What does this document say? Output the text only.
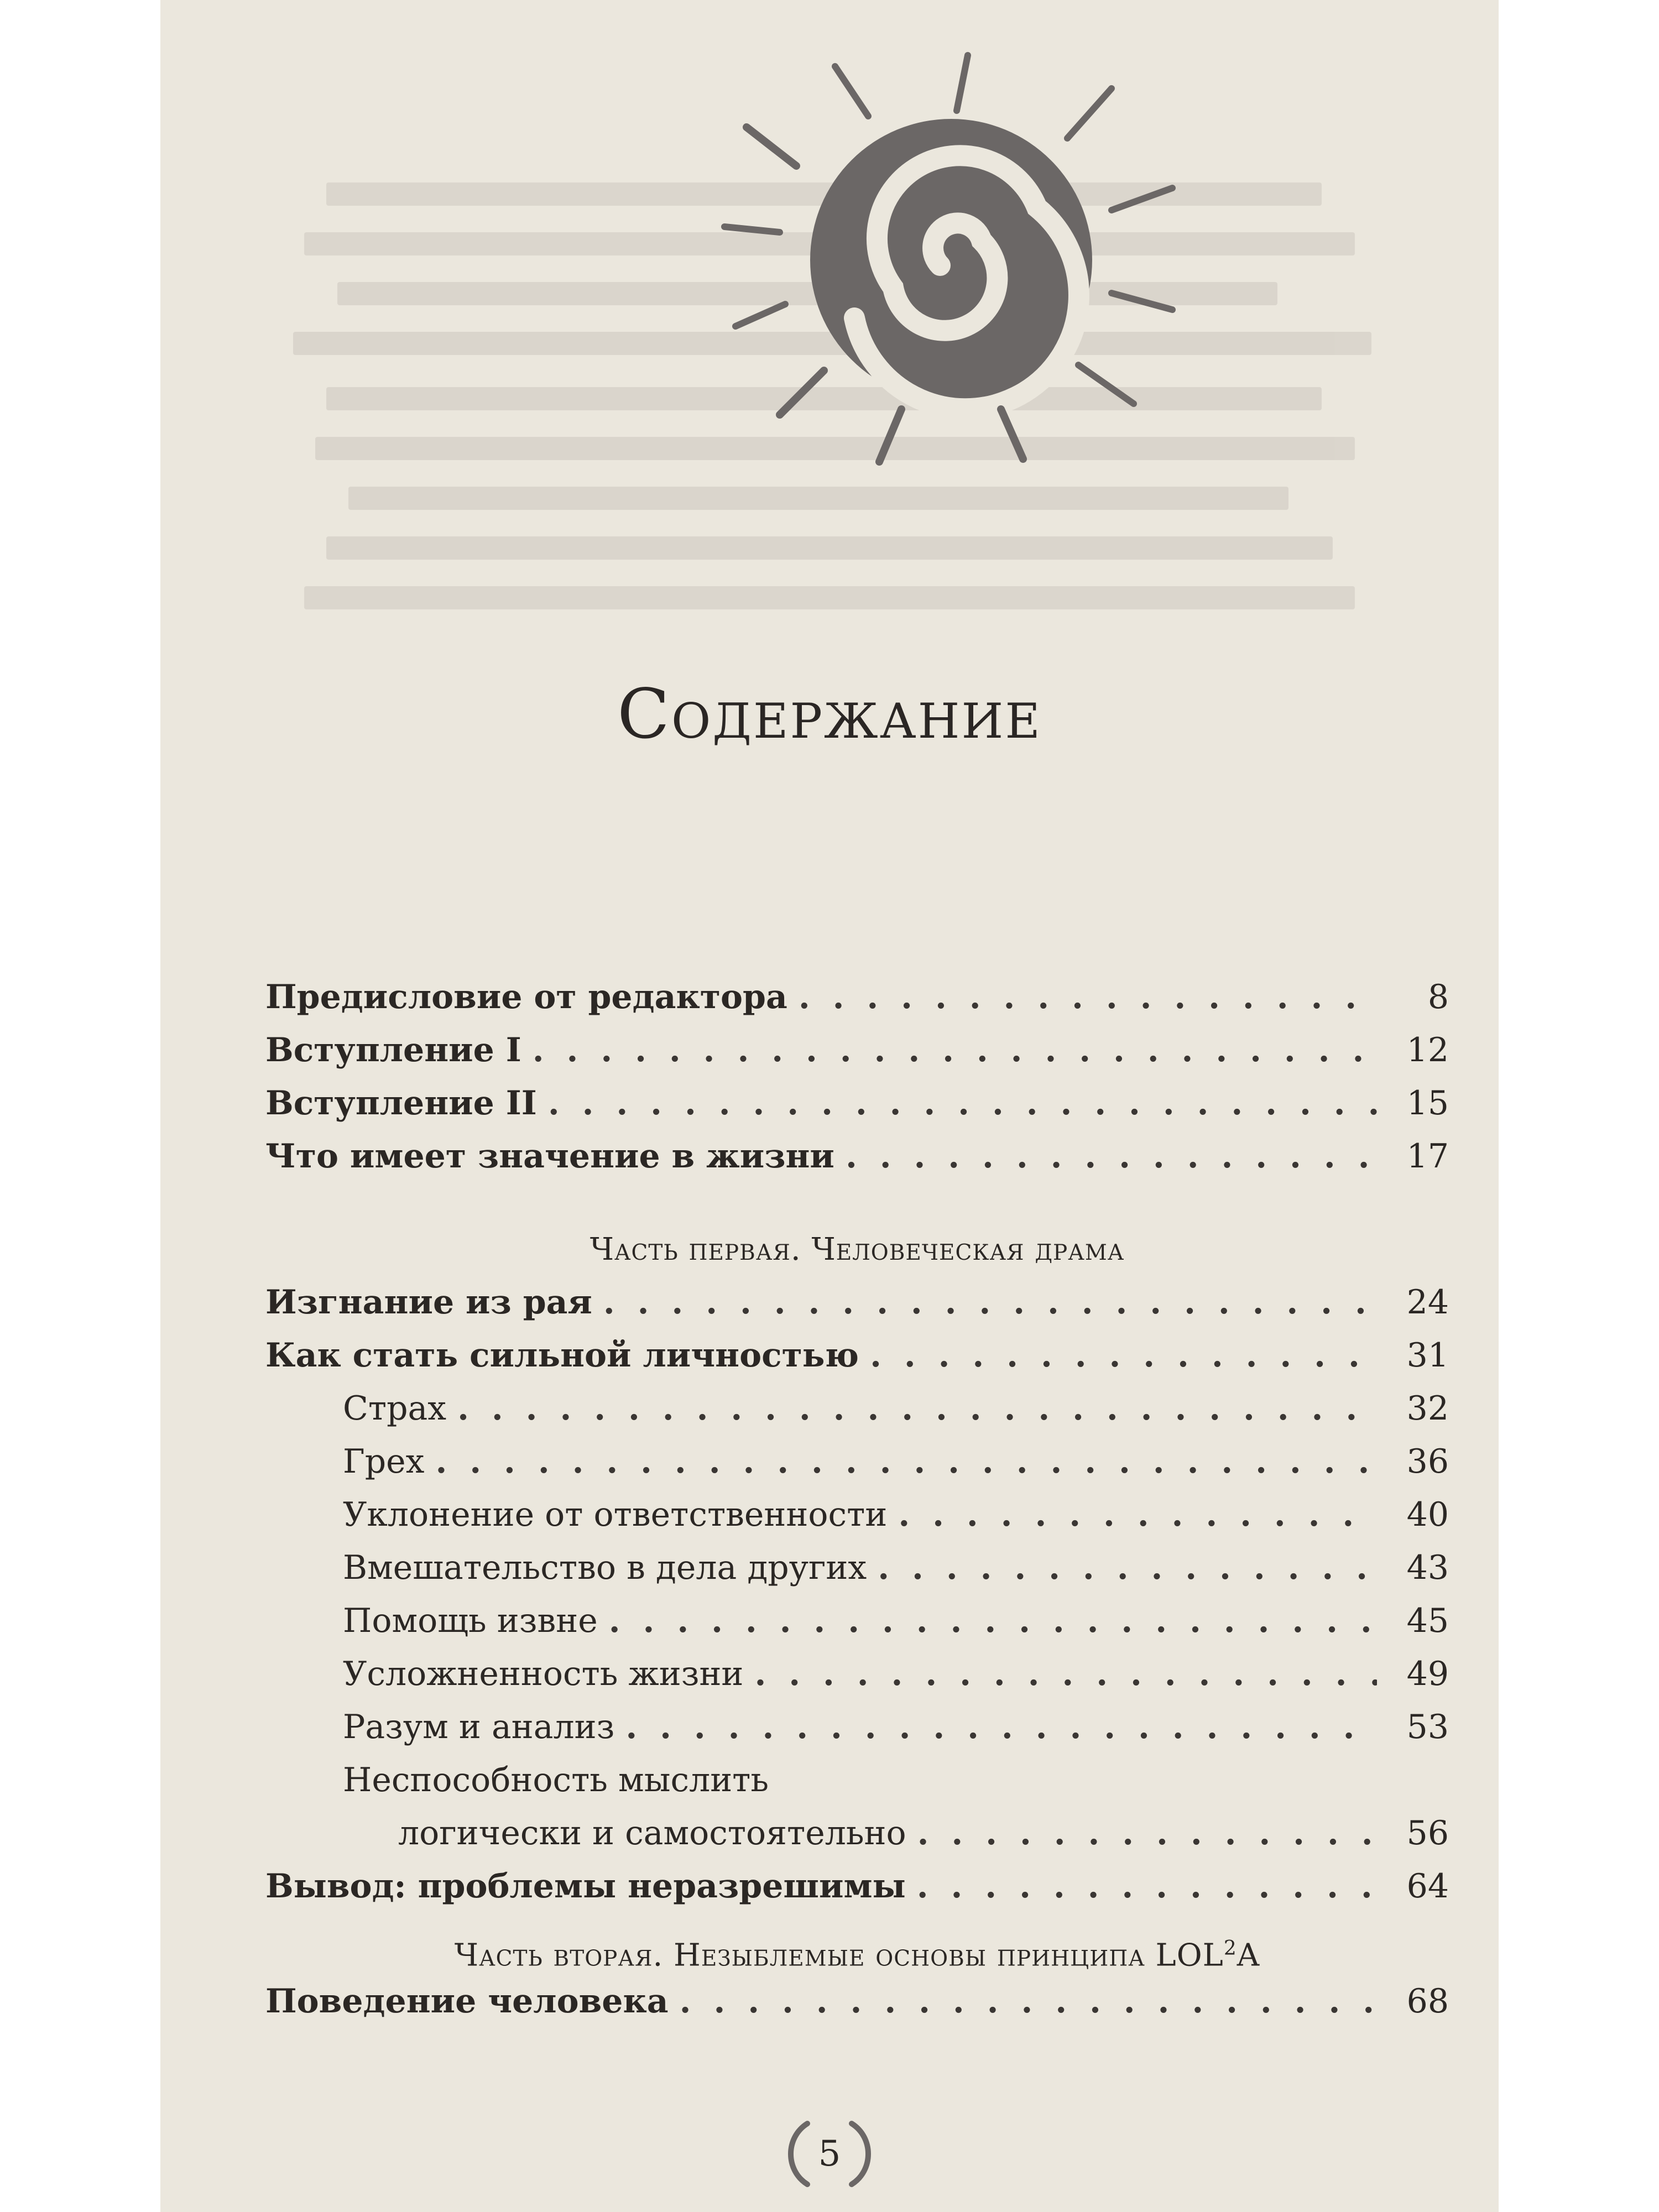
Содержание
Предисловие от редактора . . .	8
Вступление I . . .	12
Вступление II . . .	15
Что имеет значение в жизни . . .	17
Часть первая. Человеческая драма
Изгнание из рая . . .	24
Как стать сильной личностью . . .	31
Страх . . .	32
Грех . . .	36
Уклонение от ответственности . . .	40
Вмешательство в дела других . . .	43
Помощь извне . . .	45
Усложненность жизни . . .	49
Разум и анализ . . .	53
Неспособность мыслить
логически и самостоятельно . . .	56
Вывод: проблемы неразрешимы . . .	64
Часть вторая. Незыблемые основы принципа LOL$^2$A
Поведение человека . . .	68
5
